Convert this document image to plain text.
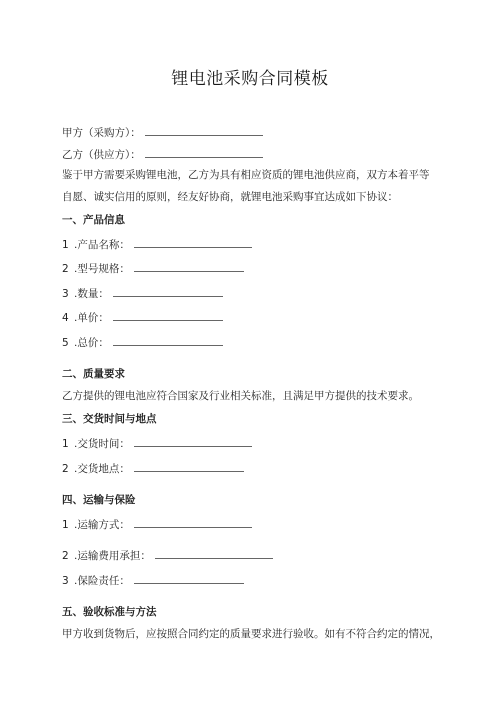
锂电池采购合同模板
甲方（采购方）：
乙方（供应方）：
鉴于甲方需要采购锂电池，乙方为具有相应资质的锂电池供应商，双方本着平等
自愿、诚实信用的原则，经友好协商，就锂电池采购事宜达成如下协议：
一、产品信息
1 .产品名称：
2 .型号规格：
3 .数量：
4 .单价：
5 .总价：
二、质量要求
乙方提供的锂电池应符合国家及行业相关标准，且满足甲方提供的技术要求。
三、交货时间与地点
1 .交货时间：
2 .交货地点：
四、运输与保险
1 .运输方式：
2 .运输费用承担：
3 .保险责任：
五、验收标准与方法
甲方收到货物后，应按照合同约定的质量要求进行验收。如有不符合约定的情况，
